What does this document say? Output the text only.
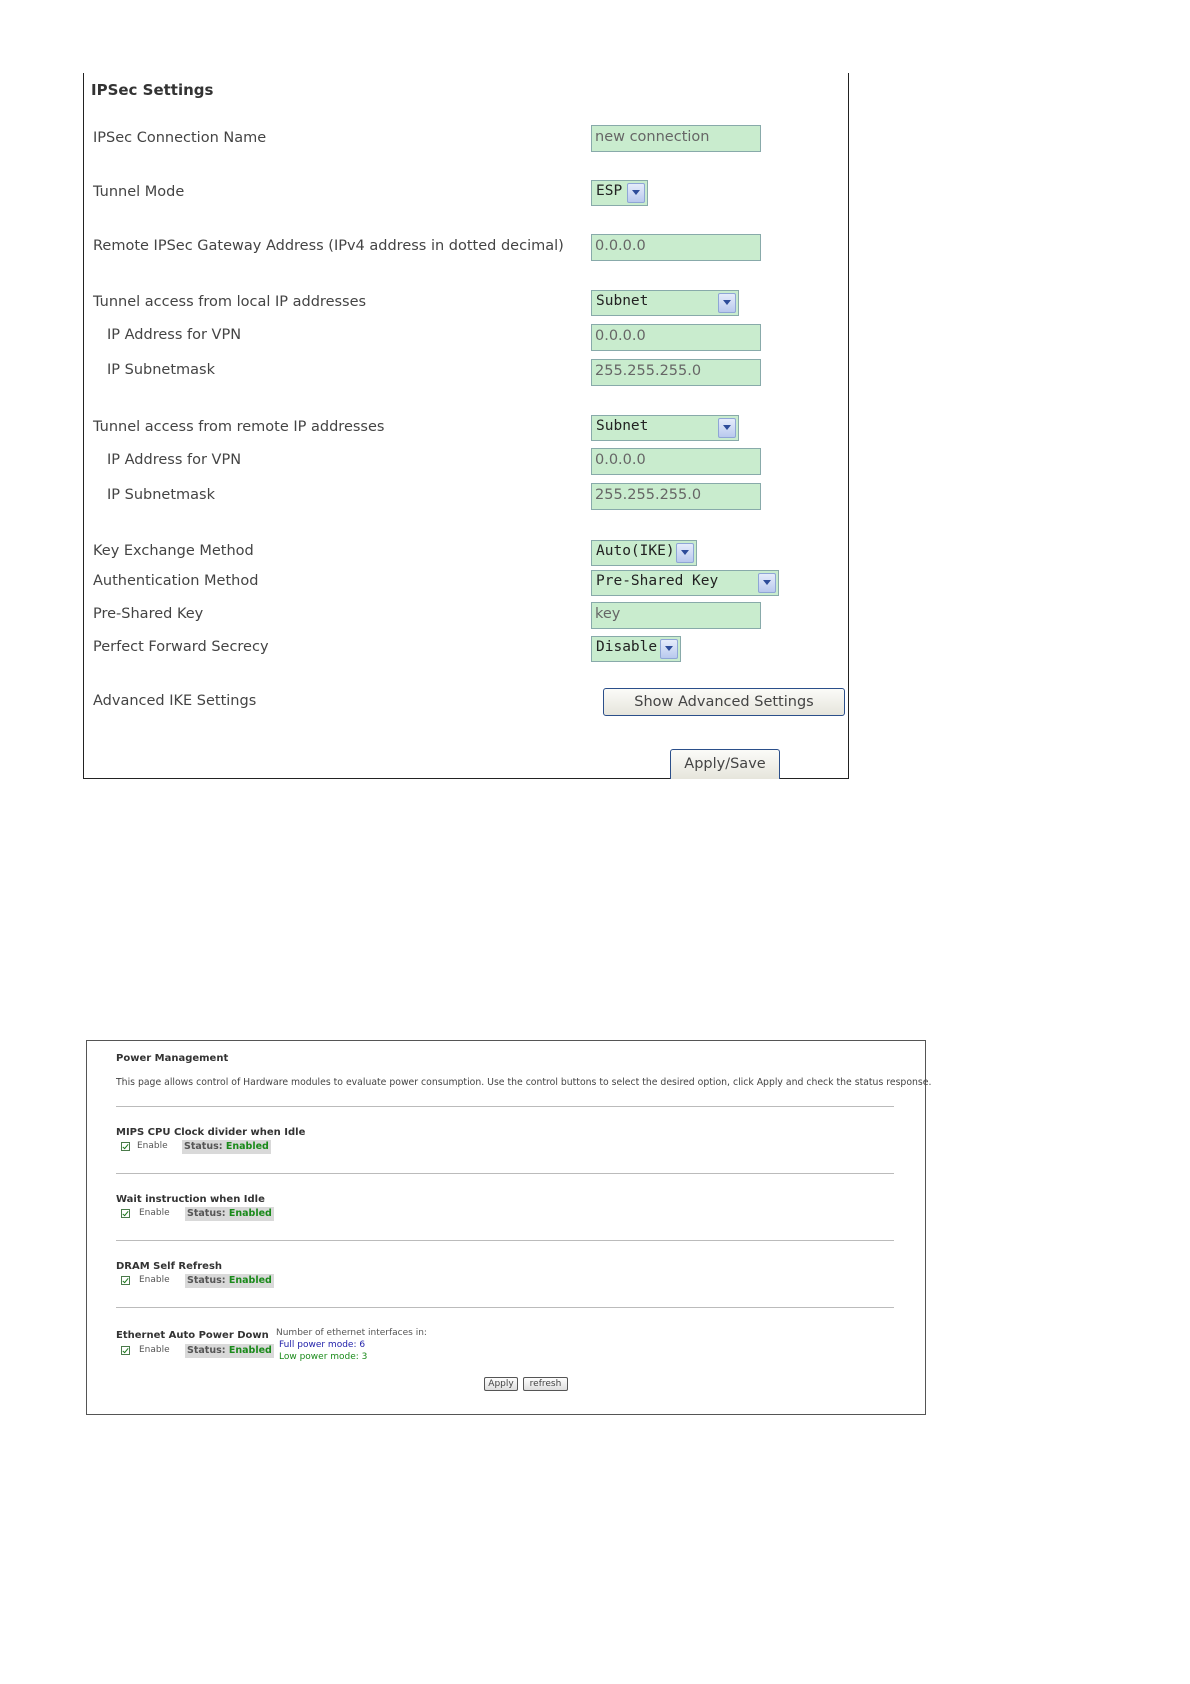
IPSec Settings
IPSec Connection Name	new connection
Tunnel Mode	ESP
Remote IPSec Gateway Address (IPv4 address in dotted decimal) 0.0.0.0
Tunnel access from local IP addresses	Subnet
IP Address for VPN	0.0.0.0
IP Subnetmask	255.255.255.0
Tunnel access from remote IP addresses	Subnet
IP Address for VPN	0.0.0.0
IP Subnetmask	255.255.255.0
Key Exchange Method	Auto(IKE)
Authentication Method	Pre-Shared Key
Pre-Shared Key	key
Perfect Forward Secrecy	Disable
Advanced IKE Settings	Show Advanced Settings
Apply/Save
Power Management
This page allows control of Hardware modules to evaluate power consumption. Use the control buttons to select the desired option, click Apply and check the status response.
MIPS CPU Clock divider when Idle
Enable Status: Enabled
Wait instruction when Idle
Enable Status: Enabled
DRAM Self Refresh
Enable Status: Enabled
Ethernet Auto Power Down
Enable Status: Enabled
Number of ethernet interfaces in:
Full power mode: 6
Low power mode: 3
Apply	refresh
